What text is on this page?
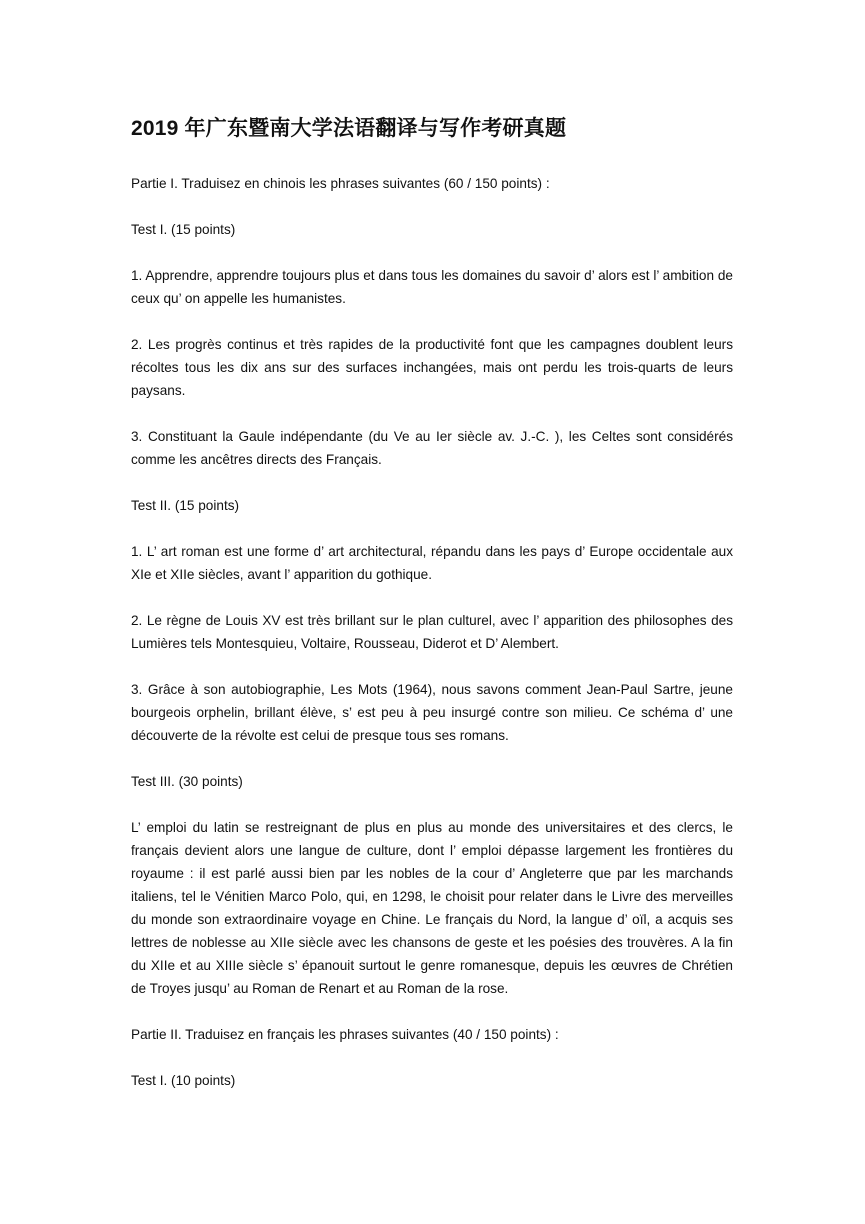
2019 年广东暨南大学法语翻译与写作考研真题

Partie I. Traduisez en chinois les phrases suivantes (60 / 150 points) :

Test I. (15 points)

1. Apprendre, apprendre toujours plus et dans tous les domaines du savoir d’ alors est l’ ambition de ceux qu’ on appelle les humanistes.

2. Les progrès continus et très rapides de la productivité font que les campagnes doublent leurs récoltes tous les dix ans sur des surfaces inchangées, mais ont perdu les trois-quarts de leurs paysans.

3. Constituant la Gaule indépendante (du Ve au Ier siècle av. J.-C. ), les Celtes sont considérés comme les ancêtres directs des Français.

Test II. (15 points)

1. L’ art roman est une forme d’ art architectural, répandu dans les pays d’ Europe occidentale aux XIe et XIIe siècles, avant l’ apparition du gothique.

2. Le règne de Louis XV est très brillant sur le plan culturel, avec l’ apparition des philosophes des Lumières tels Montesquieu, Voltaire, Rousseau, Diderot et D’ Alembert.

3. Grâce à son autobiographie, Les Mots (1964), nous savons comment Jean-Paul Sartre, jeune bourgeois orphelin, brillant élève, s’ est peu à peu insurgé contre son milieu. Ce schéma d’ une découverte de la révolte est celui de presque tous ses romans.

Test III. (30 points)

L’ emploi du latin se restreignant de plus en plus au monde des universitaires et des clercs, le français devient alors une langue de culture, dont l’ emploi dépasse largement les frontières du royaume : il est parlé aussi bien par les nobles de la cour d’ Angleterre que par les marchands italiens, tel le Vénitien Marco Polo, qui, en 1298, le choisit pour relater dans le Livre des merveilles du monde son extraordinaire voyage en Chine. Le français du Nord, la langue d’ oïl, a acquis ses lettres de noblesse au XIIe siècle avec les chansons de geste et les poésies des trouvères. A la fin du XIIe et au XIIIe siècle s’ épanouit surtout le genre romanesque, depuis les œuvres de Chrétien de Troyes jusqu’ au Roman de Renart et au Roman de la rose.

Partie II. Traduisez en français les phrases suivantes (40 / 150 points) :

Test I. (10 points)
